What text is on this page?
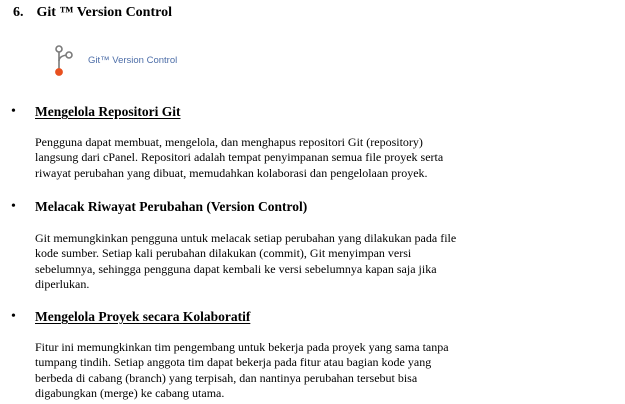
6. Git ™ Version Control
Git™ Version Control
• Mengelola Repositori Git
Pengguna dapat membuat, mengelola, dan menghapus repositori Git (repository)
langsung dari cPanel. Repositori adalah tempat penyimpanan semua file proyek serta
riwayat perubahan yang dibuat, memudahkan kolaborasi dan pengelolaan proyek.
• Melacak Riwayat Perubahan (Version Control)
Git memungkinkan pengguna untuk melacak setiap perubahan yang dilakukan pada file
kode sumber. Setiap kali perubahan dilakukan (commit), Git menyimpan versi
sebelumnya, sehingga pengguna dapat kembali ke versi sebelumnya kapan saja jika
diperlukan.
• Mengelola Proyek secara Kolaboratif
Fitur ini memungkinkan tim pengembang untuk bekerja pada proyek yang sama tanpa
tumpang tindih. Setiap anggota tim dapat bekerja pada fitur atau bagian kode yang
berbeda di cabang (branch) yang terpisah, dan nantinya perubahan tersebut bisa
digabungkan (merge) ke cabang utama.
